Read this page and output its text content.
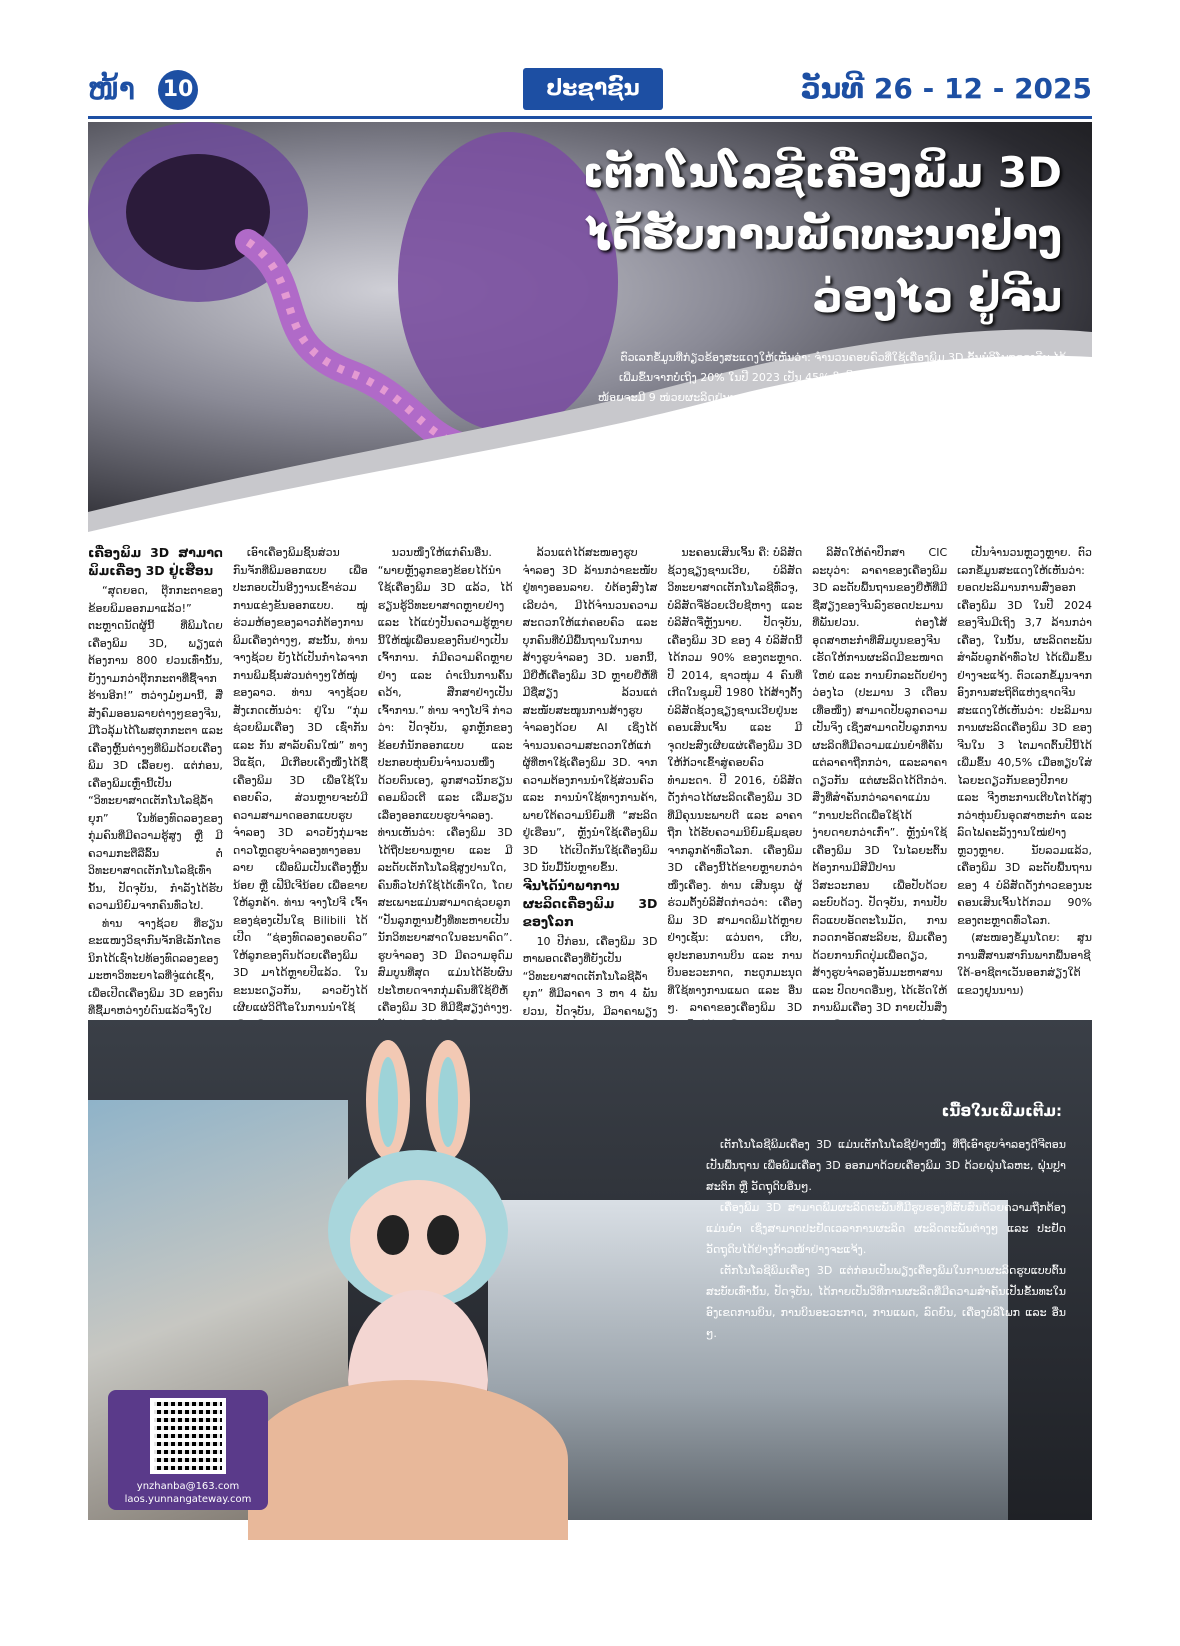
ໜ້າ 10	ປະຊາຊົນ	ວັນທີ 26 - 12 - 2025
ເຕັກໂນໂລຊີເຄື່ອງພິມ 3D
ໄດ້ຮັບການພັດທະນາຢ່າງ
ວ່ອງໄວ ຢູ່ຈີນ
ຕົວເລກຂໍ້ມູນທີ່ກ່ຽວຂ້ອງສະແດງໃຫ້ເຫັນວ່າ: ຈຳນວນຄອບຄົວທີ່ໃຊ້ເຄື່ອງພິມ 3D ຂັ້ນບໍລິໂພກຂອງຈີນ ໄດ້ເພີ່ມຂຶ້ນຈາກບໍ່ເຖິງ 20% ໃນປີ 2023 ເປັນ 45% ໃນປີນີ້. ຖ້າທົ່ວໂລກຂາຍເຄື່ອງພິມ 3D 10 ໜ່ວຍ, ຢ່າງໜ້ອຍຈະມີ 9 ໜ່ວຍຜະລິດຢູ່ນະຄອນເສິນເຈິ້ນແຂວງກວາງຕຸ້ງ ສປ ຈີນ. ການນຳມາໃຊ້ເຄື່ອງພິມ 3D ກຳລັງປຸກແປງວິຖີຊີວິດປະຈຳວັນຂອງປະຊາຊົນຢ່າງເປັນກ້າວໆ.
ເຄື່ອງພິມ 3D ສາມາດພິມເຄື່ອງ 3D ຢູ່ເຮືອນ

“ສຸດຍອດ, ຕຸ໊ກກະຕາຂອງຂ້ອຍພິມອອກມາແລ້ວ!” ຕະຫຼາດນັດຜູ້ນີ້ ທີ່ພິມໂດຍເຄື່ອງພິມ 3D, ພຽງແຕ່ຕ້ອງການ 800 ຢວນເທົ່ານັ້ນ, ຍັງງາມກວ່າຕຸ໊ກກະຕາທີ່ຊື້ຈາກຮ້ານອີກ!” ຫວ່າງມໍ່ໆມານີ້, ສື່ສັງຄົມອອນລາຍຕ່າງໆຂອງຈີນ, ມີໂວລຸ້ມໄດ້ໂພສຕຸກກະຕາ ແລະ ເຄື່ອງຫຼິ້ນຕ່າງໆທີ່ພິມດ້ວຍເຄື່ອງພິມ 3D ເລື້ອຍໆ. ແຕ່ກ່ອນ, ເຄື່ອງພິມເຫຼົ່ານີ້ເປັນ “ວິທະຍາສາດເຕັກໂນໂລຊີລ້ຳຍຸກ” ໃນທ້ອງທົດລອງຂອງກຸ່ມຄົນທີ່ມີຄວາມຮູ້ສູງ ຫຼື ມີຄວາມກະຕືລືລົ້ນ ຕໍ່ວິທະຍາສາດເຕັກໂນໂລຊີເທົ່ານັ້ນ, ປັດຈຸບັນ, ກຳລັງໄດ້ຮັບຄວາມນິຍົມຈາກຄົນທົ່ວໄປ.

ທ່ານ ຈາງຊ້ວຍ ທີ່ຮຽນຂະແໜງວິຊາກົນຈັກອີເລັກໂຕຣນິກໄດ້ເຊົ່າໄປທ້ອງທົດລອງຂອງມະຫາວິທະຍາໄລທີ່ຈູ່ແຕ່ເຊົ້າ, ເພື່ອເປີດເຄື່ອງພິມ 3D ຂອງຕົນທີ່ຊື້ມາຫວ່າງບໍ່ດົນແລ້ວຈຶ່ງໃປ

ເອົາເຄື່ອງພິມຊິ້ນສ່ວນກົນຈັກທີ່ພິມອອກແບບ ເພື່ອປະກອບເປັນອີງງານເຂົ້າຮ່ວມການແຂ່ງຂັນອອກແບບ. ໝູ່ຮ່ວມຫ້ອງຂອງລາວກໍ່ຕ້ອງການພິມເຄື່ອງຕ່າງໆ, ສະນັ້ນ, ທ່ານ ຈາງຊ້ວຍ ຍັງໄດ້ເປັນກຳໄລຈາກການພິມຊິ້ນສ່ວນຕ່າງໆໃຫ້ໝູ່ຂອງລາວ. ທ່ານ ຈາງຊ້ວຍ ສັງເກດເຫັນວ່າ: ຢູ່ໃນ “ກຸ່ມຊ່ວຍພິມເຄື່ອງ 3D ເຊົ່າກັນ ແລະ ກັນ ສາລັບຄົນໃໝ່” ທາງວີແຊັດ, ມີເກືອບເຄິ່ງໜຶ່ງໄດ້ຊື້ເຄື່ອງພິມ 3D ເພື່ອໃຊ້ໃນຄອບຄົວ, ສ່ວນຫຼາຍຈະບໍ່ມີຄວາມສາມາດອອກແບບຮູບຈຳລອງ 3D ລາວຍັງກຸ່ມຈະດາວໂຫຼດຮູບຈຳລອງທາງອອນລາຍ ເພື່ອພິມເປັນເຄື່ອງຫຼິ້ນນ້ອຍ ຫຼື ເຟີນີເຈີນ້ອຍ ເພື່ອຂາຍໃຫ້ລູກຄ້າ. ທ່ານ ຈາງໂປຈີ ເຈົ້າຂອງຊ່ອງເປັນໃຊ Bilibili ໄດ້ເປີດ “ຊ່ອງທົດລອງຄອບຄົວ” ໃຫ້ລູກຂອງຕົນດ້ວຍເຄື່ອງພິມ 3D ມາໄດ້ຫຼາຍປີແລ້ວ. ໃນຂະນະດຽວກັນ, ລາວຍັງໄດ້ເຜີຍແຜ່ວິດີໂອໃນການນຳໃຊ້

ນວນໜຶ່ງໃຫ້ແກ່ຄົນອື່ນ. “ພາຍຫຼັງລູກຂອງຂ້ອຍໄດ້ນຳໃຊ້ເຄື່ອງພິມ 3D ແລ້ວ, ໄດ້ຮຽນຮູ້ວິທະຍາສາດຫຼາຍຢ່າງ ແລະ ໄດ້ແບ່ງປັນຄວາມຮູ້ຫຼາຍນີ້ໃຫ້ໝູ່ເພື່ອນຂອງຕົນຢ່າງເປັນເຈົ້າການ. ກໍມີຄວາມຄິດຫຼາຍຢ່າງ ແລະ ດຳເນີນການຄົ້ນຄວ້າ, ສືກສາຢ່າງເປັນເຈົ້າການ.” ທ່ານ ຈາງໂປຈີ ກ່າວວ່າ: ປັດຈຸບັນ, ລູກຫຼັກຂອງຂ້ອຍກໍ່ນັກອອກແບບ ແລະ ປະກອບຫຸ່ນຍົນຈຳນວນໜຶ່ງດ້ວຍຕົນເອງ, ລູກສາວນັກຮຽນຄອມພິວເຕີ ແລະ ເລີ່ມຮຽນເລື່ອງອອກແບບຮູບຈຳລອງ. ທ່ານເຫັນວ່າ: ເຄື່ອງພິມ 3D ໄດ້ຖືປະຍານຫຼາຍ ແລະ ມີລະດັບເຕັກໂນໂລຊີສູງປານໃດ, ຄົນທົ່ວໄປກໍໃຊ້ໄດ້ເທົ່າໃດ, ໂດຍສະເພາະແມ່ນສາມາດຊ່ວຍລູກ “ປັນລູກຫຼານຢັ້ງທີ່ທະຫາຍເປັນນັກວິທະຍາສາດໃນອະນາຄົດ”. ຮູບຈຳລອງ 3D ມີຄວາມອຸດົມສົມບູນທີ່ສຸດ ແມ່ນໄດ້ຮັບຜົນປະໂຫຍດຈາກກຸ່ມຄົນທີ່ໃຊ້ຍີ່ຫໍ້ເຄື່ອງພິມ 3D ທີ່ມີຊື່ສຽງຕ່າງໆ.

ລ້ວນແຕ່ໄດ້ສະໜອງຮູບຈຳລອງ 3D ລ້ານກວ່າຂະໜັບຢູ່ທາງອອນລາຍ. ບໍ່ຕ້ອງສົງໄສເລີຍວ່າ, ມີໄດ້ຈຳນວນຄວາມສະດວກໃຫ້ແກ່ຄອບຄົວ ແລະ ບຸກຄົນທີ່ບໍ່ມີພື້ນຖານໃນການສ້າງຮູບຈຳລອງ 3D. ນອກນີ້, ມີຍີ່ຫໍ້ເຄື່ອງພິມ 3D ຫຼາຍຍີ່ຫໍ້ທີ່ມີຊື່ສຽງ ລ້ວນແຕ່ສະໜັບສະໜູນການສ້າງຮູບຈຳລອງດ້ວຍ AI ເຊິ່ງໄດ້ຈຳນວນຄວາມສະດວກໃຫ້ແກ່ຜູ້ທີ່ຫາໃຊ້ເຄື່ອງພິມ 3D. ຈາກຄວາມຕ້ອງການນຳໃຊ້ສ່ວນຄົວ ແລະ ການນຳໃຊ້ທາງການຄ້າ, ພາຍໃຕ້ຄວາມນິຍົມທີ່ “ສະລິດຢູ່ເຮືອນ”, ຫຼັງນຳໃຊ້ເຄື່ອງພິມ 3D ໄດ້ເປີດກັນໃຊ້ເຄື່ອງພິມ 3D ນັບມື້ນັບຫຼາຍຂຶ້ນ.

ຈີນໄດ້ນຳພາການຜະລິດເຄື່ອງພິມ 3D ຂອງໂລກ

10 ປີກ່ອນ, ເຄື່ອງພິມ 3D ຫາພອດເຄື່ອງທີ່ຍັງເປັນ “ວິທະຍາສາດເຕັກໂນໂລຊີລ້ຳຍຸກ” ທີ່ມີລາຄາ 3 ຫາ 4 ພັນຢວນ, ປັດຈຸບັນ, ມີລາຄາພຽງ

ນະຄອນເສິນເຈິ້ນ ຄື: ບໍລິສັດຊ້ວງຊຽງຊານເວີຍ, ບໍລິສັດວິທະຍາສາດເຕັກໂນໂລຊີທົ່ວຈູ, ບໍລິສັດຈີ່ອ້ວຍເວີຍຊີຫາງ ແລະ ບໍລິສັດຈີ່ຫຼັງນາຍ. ປັດຈຸບັນ, ເຄື່ອງພິມ 3D ຂອງ 4 ບໍລິສັດນີ້ໄດ້ກວມ 90% ຂອງຕະຫຼາດ. ປີ 2014, ຊາວໜຸ່ມ 4 ຄົນທີ່ເກີດໃນຊຸມປີ 1980 ໄດ້ສ້າງຕັ້ງບໍລິສັດຊ້ວງຊຽງຊານເວີຍຢູ່ນະຄອນເສິນເຈິ້ນ ແລະ ມີຈຸດປະສົງເຜີຍແຜ່ເຄື່ອງພິມ 3D ໃຫ້ກ້ວາເຂົ້າສູ່ຄອບຄົວທຳມະດາ. ປີ 2016, ບໍລິສັດດັ່ງກ່າວໄດ້ຜະລິດເຄື່ອງພິມ 3D ທີ່ມີຄຸນນະພາບດີ ແລະ ລາຄາຖືກ ໄດ້ຮັບຄວາມນິຍົມຊົມຊອບຈາກລູກຄ້າທົ່ວໂລກ. ເຄື່ອງພິມ 3D ເຄື່ອງນີ້ໄດ້ຂາຍຫຼາຍກວ່າໜຶ່ງເຄື່ອງ. ທ່ານ ເສີນຊຸນ ຜູ້ຮ່ວມຕັ້ງບໍລິສັດກ່າວວ່າ: ເຄື່ອງພິມ 3D ສາມາດພິມໄດ້ຫຼາຍຢ່າງເຊັ່ນ: ແວ່ນຕາ, ເກີບ, ອຸປະກອນການບິນ ແລະ ການບິນອະວະກາດ, ກະດູກມະນຸດ ທີ່ໃຊ້ທາງການແພດ ແລະ ອື່ນໆ. ລາຄາຂອງເຄື່ອງພິມ 3D

ລິສັດໃຫ້ຄຳປຶກສາ CIC ລະບຸວ່າ: ລາຄາຂອງເຄື່ອງພິມ 3D ລະດັບພື້ນຖານຂອງຍີ່ຫໍ້ທີ່ມີຊື່ສຽງຂອງຈີນລົງຮອດປະມານທີ່ພັນຢວນ. ຕ່ອງໂສ້ອຸດສາຫະກຳທີ່ສົມບູນຂອງຈີນເຮັດໃຫ້ການຜະລິດມີຂະໜາດໃຫຍ່ ແລະ ການຍົກລະດັບຢ່າງວ່ອງໄວ (ປະມານ 3 ເດືອນເທື່ອໜຶ່ງ) ສາມາດປັບລູກຄວາມເປັນຈິງ ເຊິ່ງສາມາດປັບລູກການຜະລິດທີ່ມີຄວາມແມ່ນຍຳທີ່ຄັນ ແຕ່ລາຄາຖືກກວ່າ, ແລະລາຄາດຽວກັນ ແຕ່ຜະລິດໄດ້ດີກວ່າ. ສິ່ງທີ່ສຳຄັນກວ່າລາຄາແມ່ນ “ການປະດິດເພື່ອໃຊ້ໄດ້ງ່າຍດາຍກວ່າເກົ່າ”. ຫຼັງນຳໃຊ້ເຄື່ອງພິມ 3D ໃນໄລຍະຕົ້ນຕ້ອງການມີສີມືປານວິສະວະກອນ ເພື່ອປັບດ້ວຍລະບົບດ້ວງ. ປັດຈຸບັນ, ການປັບຕົວແບບອັດຕະໂນມັດ, ການກວດກາອັດສະລິຍະ, ພີມເຄື່ອງດ້ວຍການກົດປຸ່ມເພື່ອດຽວ, ສ້າງຮູບຈຳລອງອັນມະຫາສານ ແລະ ປົດບາດອື່ນໆ, ໄດ້ເຮັດໃຫ້ການພິມເຄື່ອງ 3D ກາຍເປັນສິ່ງ

ເປັນຈຳນວນຫຼວງຫຼາຍ. ຕົວເລກຂໍ້ມູນສະແດງໃຫ້ເຫັນວ່າ: ຍອດປະລິມານການສົ່ງອອກເຄື່ອງພິມ 3D ໃນປີ 2024 ຂອງຈີນມີເຖິງ 3,7 ລ້ານກວ່າເຄື່ອງ, ໃນນັ້ນ, ຜະລິດຕະພັນສຳລັບລູກຄ້າທົ່ວໄປ ໄດ້ເພີ່ມຂຶ້ນຢ່າງຈະແຈ້ງ. ຕົວເລກຂໍ້ມູນຈາກອົງການສະຖິຕິແຫ່ງຊາດຈີນສະແດງໃຫ້ເຫັນວ່າ: ປະລິມານການຜະລິດເຄື່ອງພິມ 3D ຂອງຈີນໃນ 3 ໄຕມາດຕົ້ນປີນີ້ໄດ້ເພີ່ມຂຶ້ນ 40,5% ເມື່ອທຽບໃສ່ໄລຍະດຽວກັນຂອງປີກາຍ ແລະ ຈີງຫະການເຕີບໂຕໄດ້ສູງກວ່າຫຸ່ນຍົນອຸດສາຫະກຳ ແລະ ລົດໄຟຄະລັງງານໃໝ່ຢ່າງຫຼວງຫຼາຍ. ນັບລວມແລ້ວ, ເຄື່ອງພິມ 3D ລະດັບພື້ນຖານຂອງ 4 ບໍລິສັດດັ່ງກ່າວຂອງນະຄອນເສິນເຈິ້ນໄດ້ກວມ 90% ຂອງຕະຫຼາດທົ່ວໂລກ.

(ສະໜອງຂໍ້ມູນໂດຍ: ສູນການສື່ສານສາກົນພາກພື້ນອາຊີໃຕ້-ອາຊີຕາເວັນອອກສ່ຽງໃຕ້ ແຂວງຢູນນານ)

ເນື້ອໃນເພີ່ມເຕີມ:

ເຕັກໂນໂລຊີພິມເຄື່ອງ 3D ແມ່ນເຕັກໂນໂລຊີຢ່າງໜຶ່ງ ທີ່ຖືເອົາຮູບຈຳລອງດີຈີຕອນ ເປັນພື້ນຖານ ເພື່ອພິມເຄື່ອງ 3D ອອກມາດ້ວຍເຄື່ອງພິມ 3D ດ້ວຍຝຸ່ນໂລຫະ, ຝຸ່ນປຼາສະຕິກ ຫຼື ວັດຖຸດິບອື່ນໆ.

ເຄື່ອງພິມ 3D ສາມາດພິມຜະລິດຕະພັນທີ່ມີຮູບຮອງທີ່ສັບສົນດ້ວຍຄວາມຖືກຕ້ອງ ແມ່ນຍຳ ເຊິ່ງສາມາດປະຢັດເວລາການຜະລິດ ຜະລິດຕະພັນຕ່າງໆ ແລະ ປະຢັດວັດຖຸດິບໄດ້ຢ່າງກ້າວໜ້າຢ່າງຈະແຈ້ງ.

ເຕັກໂນໂລຊີພິມເຄື່ອງ 3D ແຕ່ກ່ອນເປັນພຽງເຄື່ອງພິມໃນການຜະລິດຮູບແບບຕົ້ນສະບັບເທົ່ານັ້ນ, ປັດຈຸບັນ, ໄດ້ກາຍເປັນວິທີການຜະລິດທີ່ມີຄວາມສຳຄັນເປັນຂັ້ນທະໃນອົງເຂດການບິນ, ການບິນອະວະກາດ, ການແພດ, ລົດຍົນ, ເຄື່ອງບໍລິໂພກ ແລະ ອື່ນໆ.

ynzhanba@163.com
laos.yunnangateway.com
